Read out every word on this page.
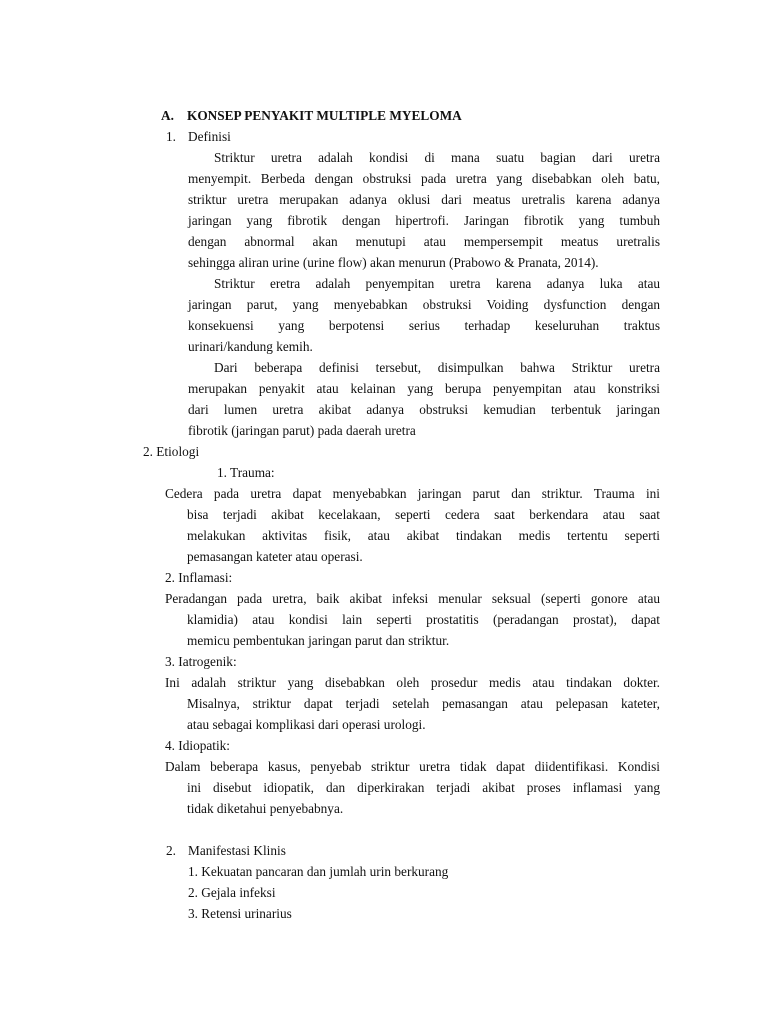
A. KONSEP PENYAKIT MULTIPLE MYELOMA
1. Definisi
Striktur uretra adalah kondisi di mana suatu bagian dari uretra
menyempit. Berbeda dengan obstruksi pada uretra yang disebabkan oleh batu,
striktur uretra merupakan adanya oklusi dari meatus uretralis karena adanya
jaringan yang fibrotik dengan hipertrofi. Jaringan fibrotik yang tumbuh
dengan abnormal akan menutupi atau mempersempit meatus uretralis
sehingga aliran urine (urine flow) akan menurun (Prabowo & Pranata, 2014).
Striktur eretra adalah penyempitan uretra karena adanya luka atau
jaringan parut, yang menyebabkan obstruksi Voiding dysfunction dengan
konsekuensi yang berpotensi serius terhadap keseluruhan traktus
urinari/kandung kemih.
Dari beberapa definisi tersebut, disimpulkan bahwa Striktur uretra
merupakan penyakit atau kelainan yang berupa penyempitan atau konstriksi
dari lumen uretra akibat adanya obstruksi kemudian terbentuk jaringan
fibrotik (jaringan parut) pada daerah uretra
2. Etiologi
1. Trauma:
Cedera pada uretra dapat menyebabkan jaringan parut dan striktur. Trauma ini
bisa terjadi akibat kecelakaan, seperti cedera saat berkendara atau saat
melakukan aktivitas fisik, atau akibat tindakan medis tertentu seperti
pemasangan kateter atau operasi.
2. Inflamasi:
Peradangan pada uretra, baik akibat infeksi menular seksual (seperti gonore atau
klamidia) atau kondisi lain seperti prostatitis (peradangan prostat), dapat
memicu pembentukan jaringan parut dan striktur.
3. Iatrogenik:
Ini adalah striktur yang disebabkan oleh prosedur medis atau tindakan dokter.
Misalnya, striktur dapat terjadi setelah pemasangan atau pelepasan kateter,
atau sebagai komplikasi dari operasi urologi.
4. Idiopatik:
Dalam beberapa kasus, penyebab striktur uretra tidak dapat diidentifikasi. Kondisi
ini disebut idiopatik, dan diperkirakan terjadi akibat proses inflamasi yang
tidak diketahui penyebabnya.
2. Manifestasi Klinis
1. Kekuatan pancaran dan jumlah urin berkurang
2. Gejala infeksi
3. Retensi urinarius
